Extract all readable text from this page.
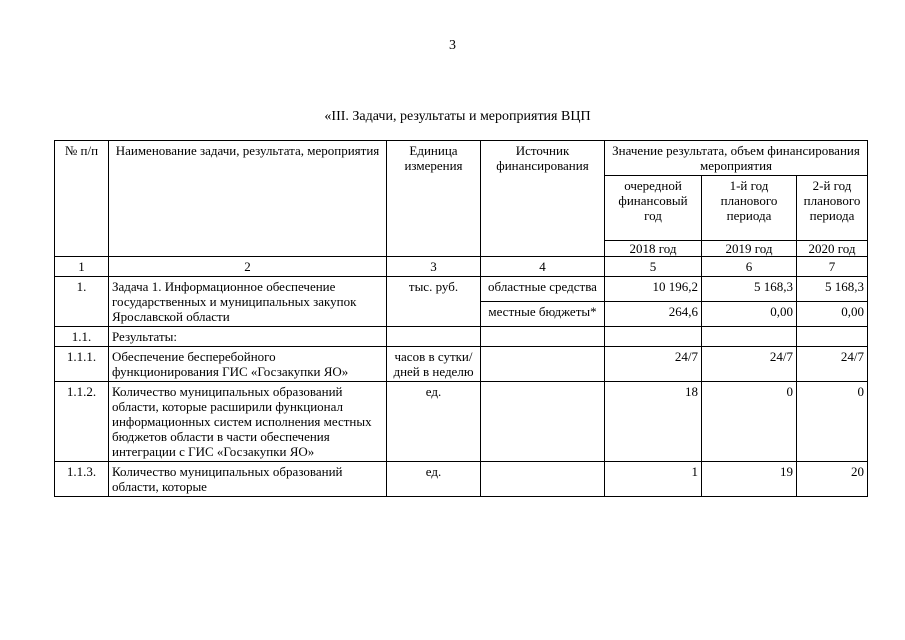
3
«III. Задачи, результаты и мероприятия ВЦП
№ п/п	Наименование задачи, результата, мероприятия	Единица измерения	Источник финансирования	Значение результата, объем финансирования мероприятия		
				очередной финансовый год	1-й год планового периода	2-й год планового периода
				2018 год	2019 год	2020 год
1	2	3	4	5	6	7
1.	Задача 1. Информационное обеспечение государственных и муниципальных закупок Ярославской области	тыс. руб.	областные средства	10 196,2	5 168,3	5 168,3
			местные бюджеты*	264,6	0,00	0,00
1.1.	Результаты:					
1.1.1.	Обеспечение бесперебойного функционирования ГИС «Госзакупки ЯО»	часов в сутки/ дней в неделю		24/7	24/7	24/7
1.1.2.	Количество муниципальных образований области, которые расширили функционал информационных систем исполнения местных бюджетов области в части обеспечения интеграции с ГИС «Госзакупки ЯО»	ед.		18	0	0
1.1.3.	Количество муниципальных образований области, которые	ед.		1	19	20
